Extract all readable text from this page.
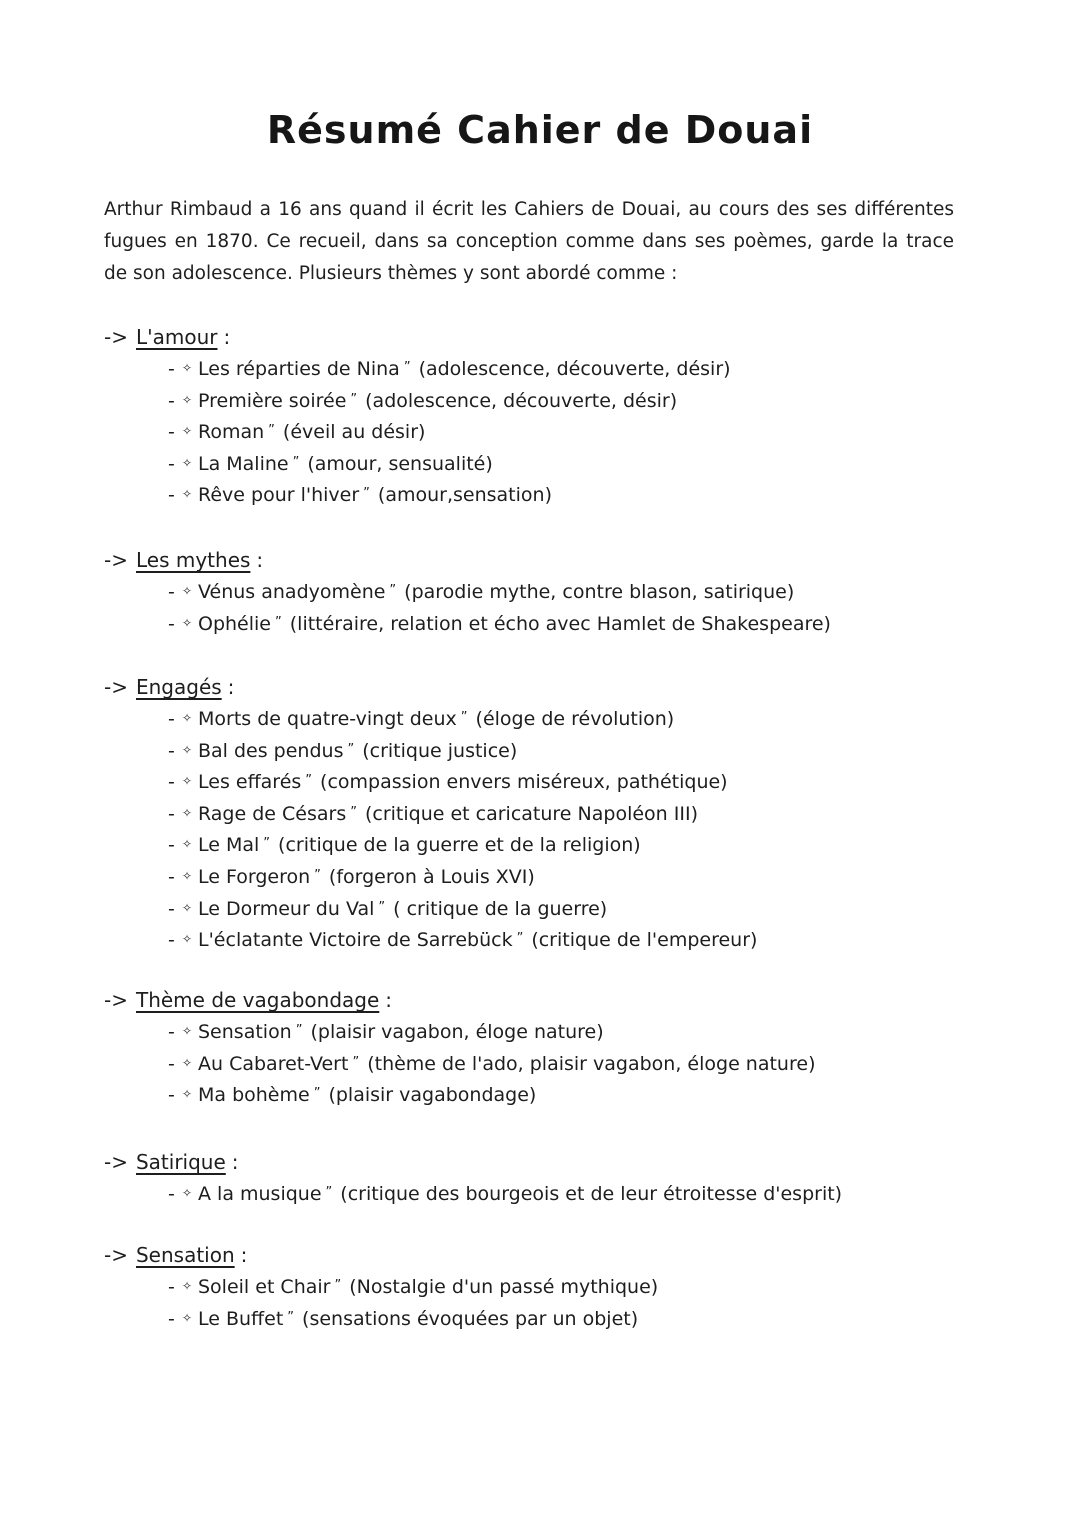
Résumé Cahier de Douai
Arthur Rimbaud a 16 ans quand il écrit les Cahiers de Douai, au cours des ses différentes fugues en 1870. Ce recueil, dans sa conception comme dans ses poèmes, garde la trace de son adolescence. Plusieurs thèmes y sont abordé comme :
-> L'amour :
- ✧ Les réparties de Nina ” (adolescence, découverte, désir)
- ✧ Première soirée ” (adolescence, découverte, désir)
- ✧ Roman ” (éveil au désir)
- ✧ La Maline ” (amour, sensualité)
- ✧ Rêve pour l'hiver ” (amour,sensation)
-> Les mythes :
- ✧ Vénus anadyomène ” (parodie mythe, contre blason, satirique)
- ✧ Ophélie ” (littéraire, relation et écho avec Hamlet de Shakespeare)
-> Engagés :
- ✧ Morts de quatre-vingt deux ” (éloge de révolution)
- ✧ Bal des pendus ” (critique justice)
- ✧ Les effarés ” (compassion envers miséreux, pathétique)
- ✧ Rage de Césars ” (critique et caricature Napoléon III)
- ✧ Le Mal ” (critique de la guerre et de la religion)
- ✧ Le Forgeron ” (forgeron à Louis XVI)
- ✧ Le Dormeur du Val ” ( critique de la guerre)
- ✧ L'éclatante Victoire de Sarrebück ” (critique de l'empereur)
-> Thème de vagabondage :
- ✧ Sensation ” (plaisir vagabon, éloge nature)
- ✧ Au Cabaret-Vert ” (thème de l'ado, plaisir vagabon, éloge nature)
- ✧ Ma bohème ” (plaisir vagabondage)
-> Satirique :
- ✧ A la musique ” (critique des bourgeois et de leur étroitesse d'esprit)
-> Sensation :
- ✧ Soleil et Chair ” (Nostalgie d'un passé mythique)
- ✧ Le Buffet ” (sensations évoquées par un objet)
